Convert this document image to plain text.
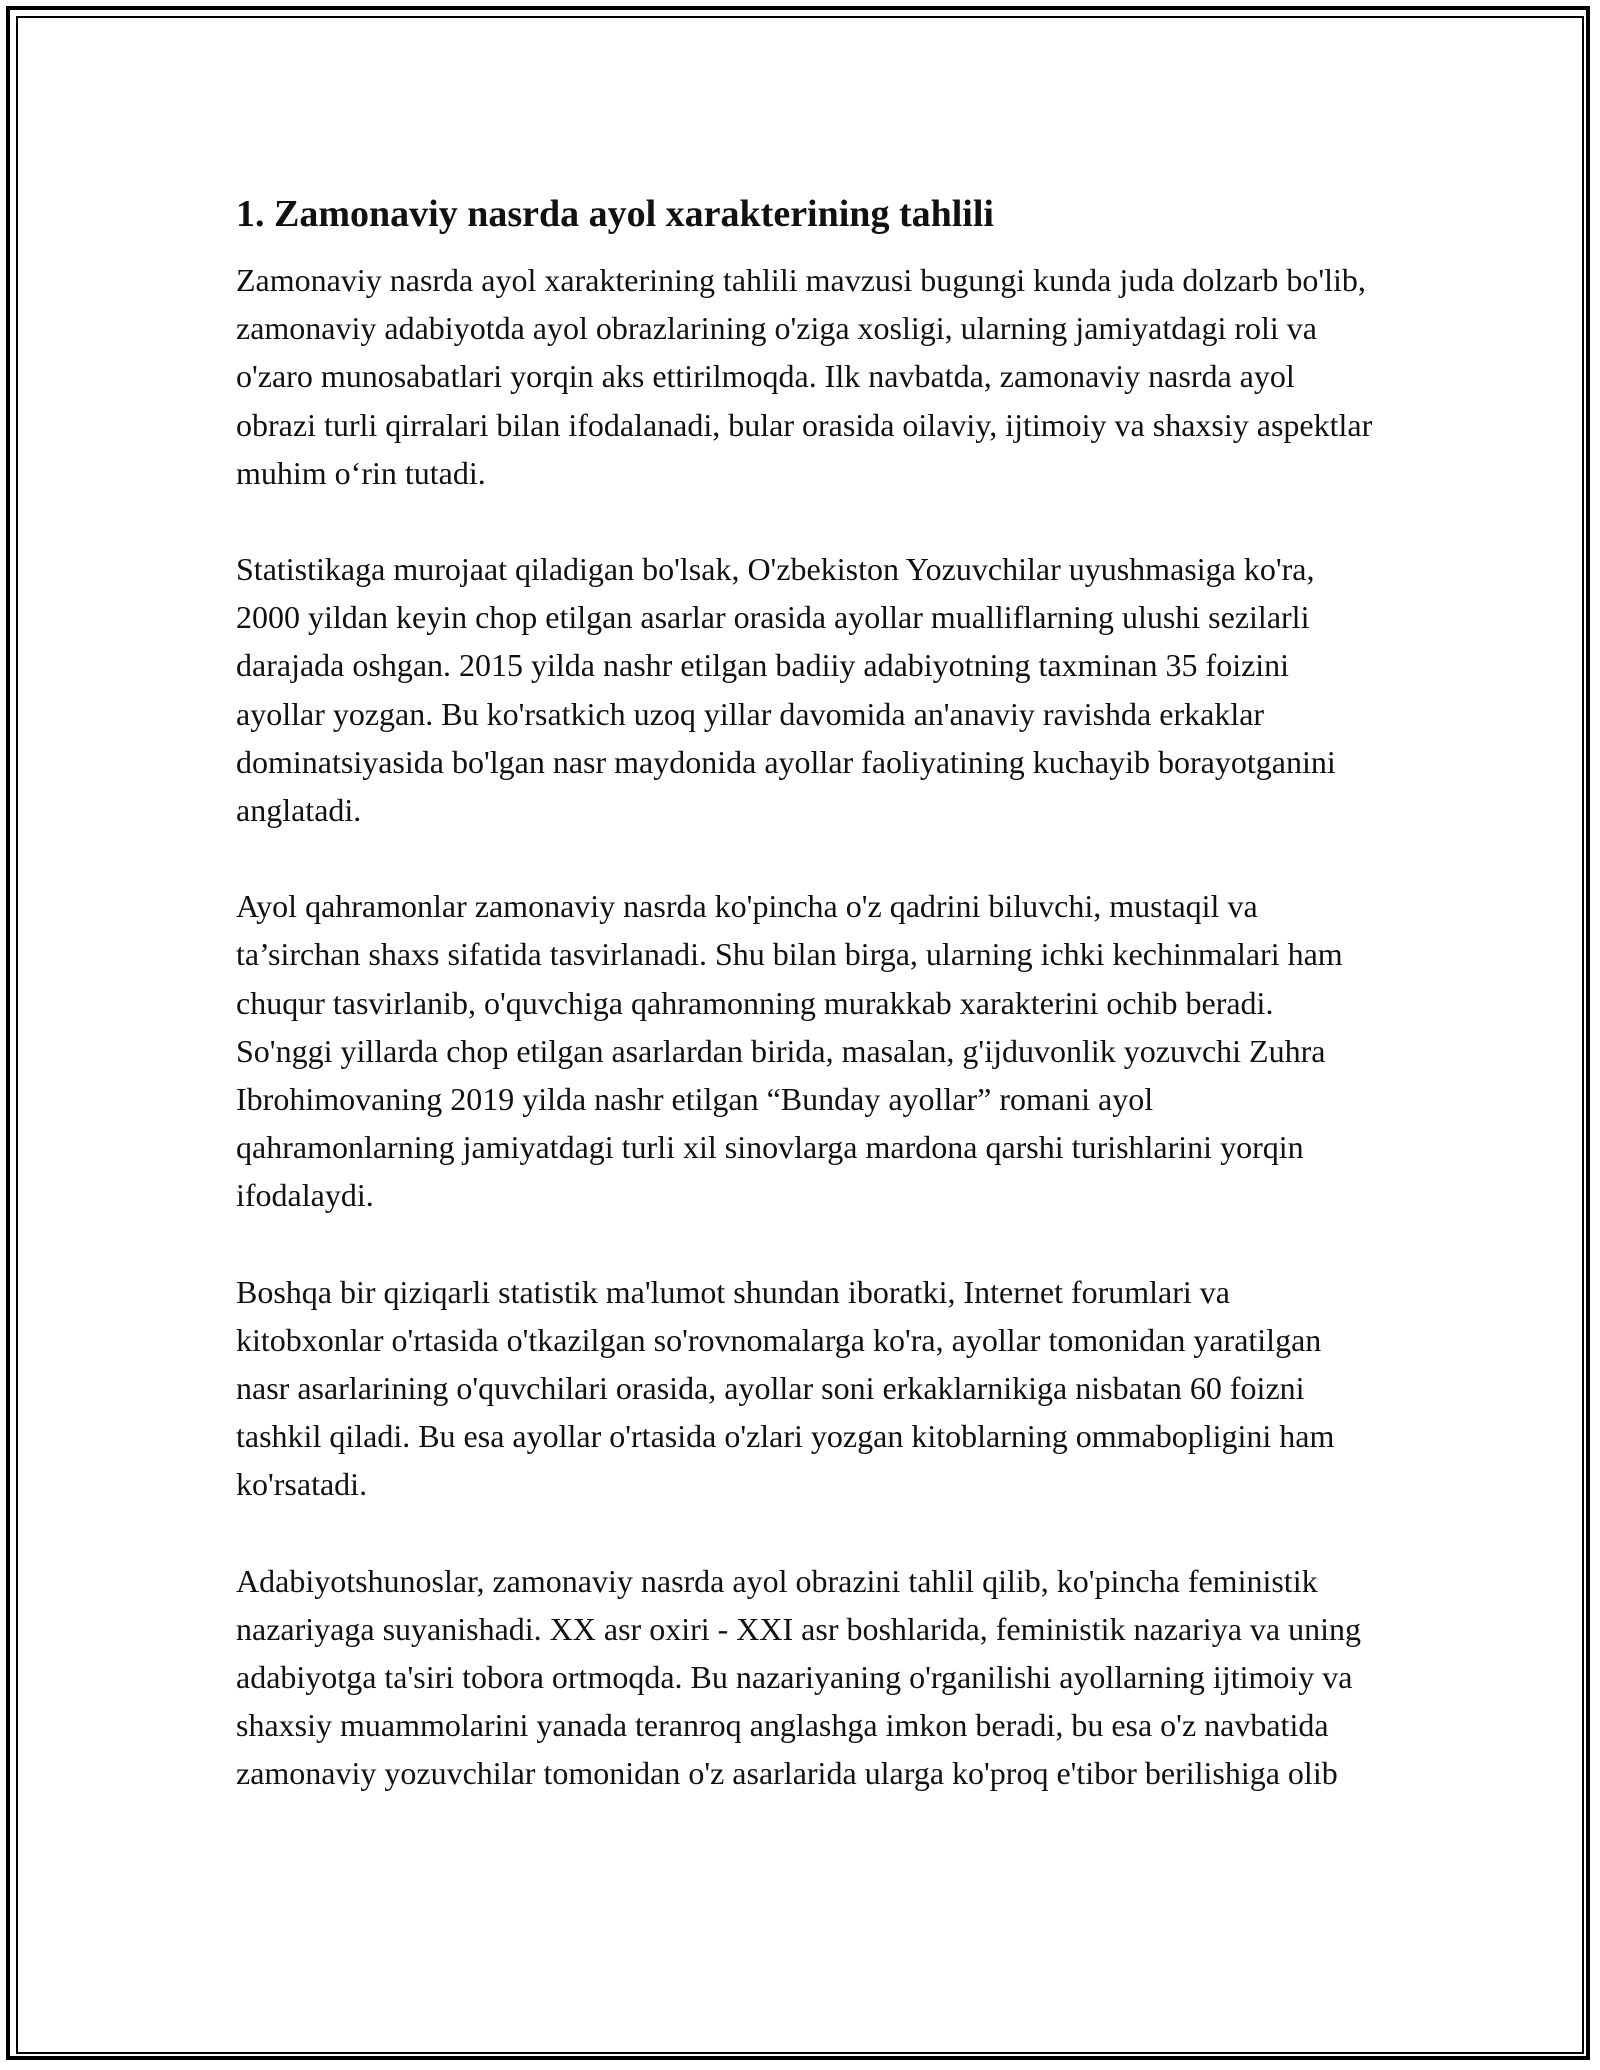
1. Zamonaviy nasrda ayol xarakterining tahlili

Zamonaviy nasrda ayol xarakterining tahlili mavzusi bugungi kunda juda dolzarb bo'lib, zamonaviy adabiyotda ayol obrazlarining o'ziga xosligi, ularning jamiyatdagi roli va o'zaro munosabatlari yorqin aks ettirilmoqda. Ilk navbatda, zamonaviy nasrda ayol obrazi turli qirralari bilan ifodalanadi, bular orasida oilaviy, ijtimoiy va shaxsiy aspektlar muhim o‘rin tutadi.

Statistikaga murojaat qiladigan bo'lsak, O'zbekiston Yozuvchilar uyushmasiga ko'ra, 2000 yildan keyin chop etilgan asarlar orasida ayollar mualliflarning ulushi sezilarli darajada oshgan. 2015 yilda nashr etilgan badiiy adabiyotning taxminan 35 foizini ayollar yozgan. Bu ko'rsatkich uzoq yillar davomida an'anaviy ravishda erkaklar dominatsiyasida bo'lgan nasr maydonida ayollar faoliyatining kuchayib borayotganini anglatadi.

Ayol qahramonlar zamonaviy nasrda ko'pincha o'z qadrini biluvchi, mustaqil va ta’sirchan shaxs sifatida tasvirlanadi. Shu bilan birga, ularning ichki kechinmalari ham chuqur tasvirlanib, o'quvchiga qahramonning murakkab xarakterini ochib beradi. So'nggi yillarda chop etilgan asarlardan birida, masalan, g'ijduvonlik yozuvchi Zuhra Ibrohimovaning 2019 yilda nashr etilgan “Bunday ayollar” romani ayol qahramonlarning jamiyatdagi turli xil sinovlarga mardona qarshi turishlarini yorqin ifodalaydi.

Boshqa bir qiziqarli statistik ma'lumot shundan iboratki, Internet forumlari va kitobxonlar o'rtasida o'tkazilgan so'rovnomalarga ko'ra, ayollar tomonidan yaratilgan nasr asarlarining o'quvchilari orasida, ayollar soni erkaklarnikiga nisbatan 60 foizni tashkil qiladi. Bu esa ayollar o'rtasida o'zlari yozgan kitoblarning ommabopligini ham ko'rsatadi.

Adabiyotshunoslar, zamonaviy nasrda ayol obrazini tahlil qilib, ko'pincha feministik nazariyaga suyanishadi. XX asr oxiri - XXI asr boshlarida, feministik nazariya va uning adabiyotga ta'siri tobora ortmoqda. Bu nazariyaning o'rganilishi ayollarning ijtimoiy va shaxsiy muammolarini yanada teranroq anglashga imkon beradi, bu esa o'z navbatida zamonaviy yozuvchilar tomonidan o'z asarlarida ularga ko'proq e'tibor berilishiga olib
